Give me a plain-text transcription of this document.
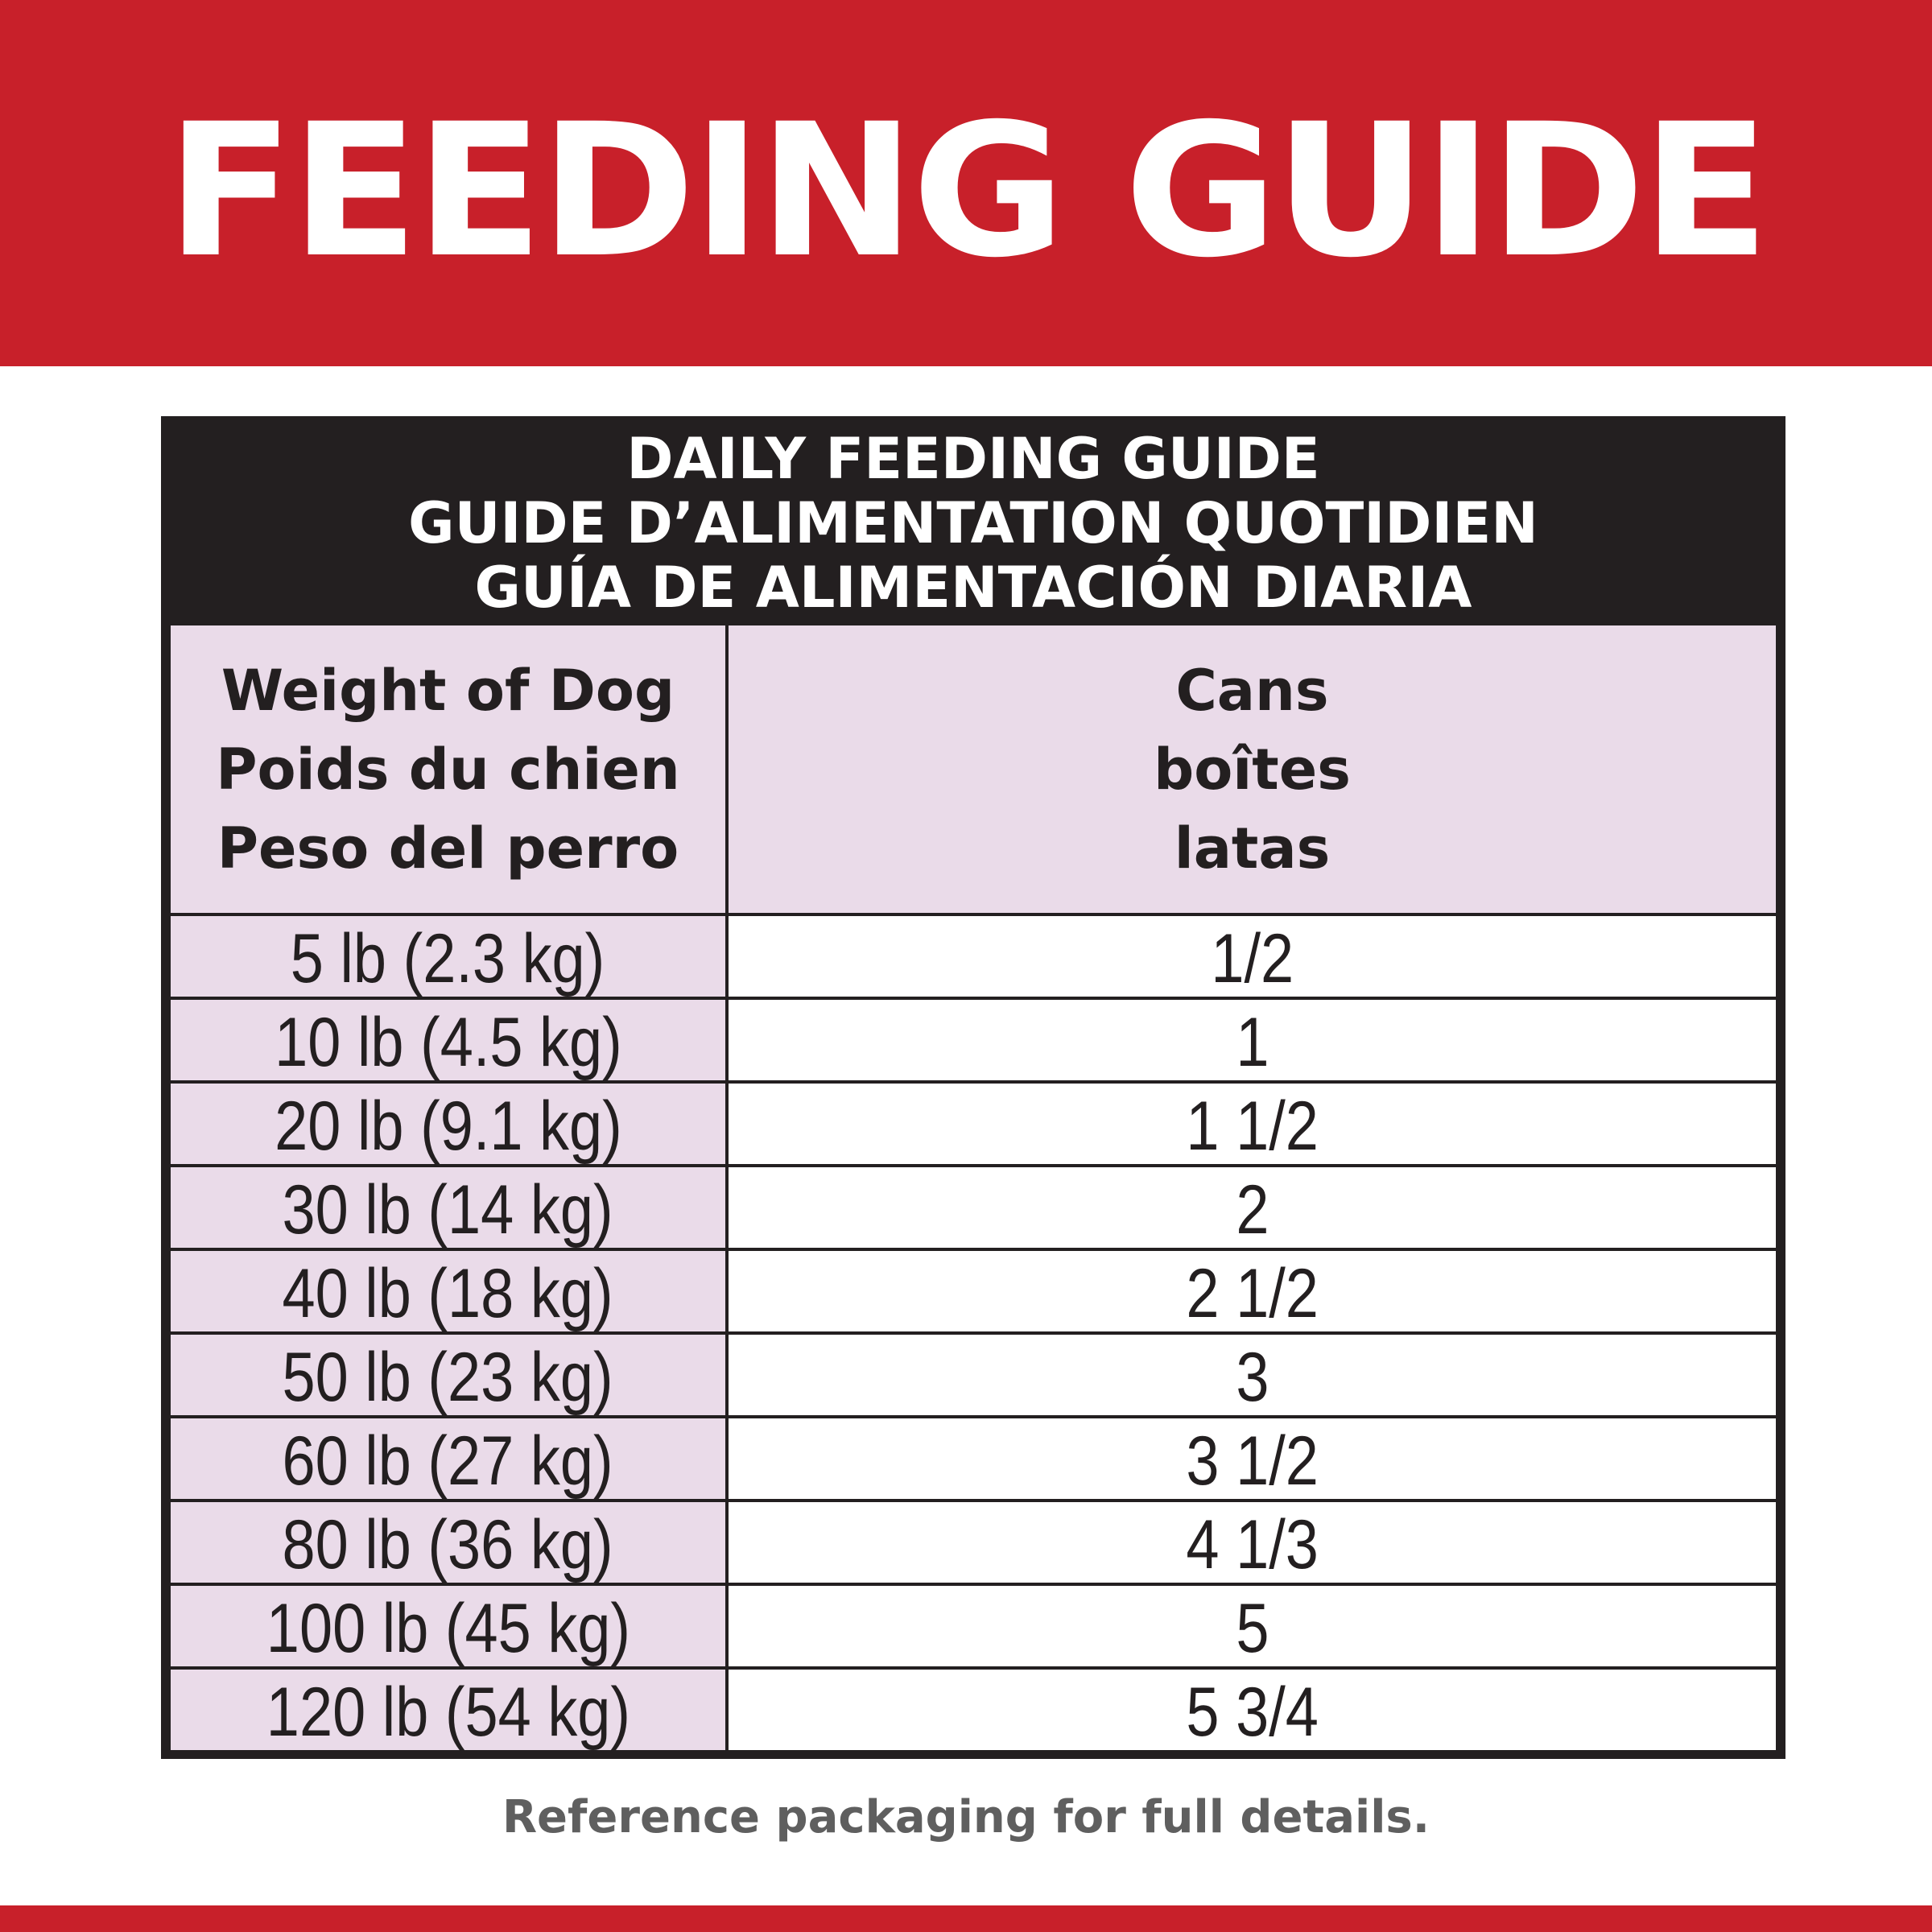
FEEDING GUIDE
DAILY FEEDING GUIDE
GUIDE D’ALIMENTATION QUOTIDIEN
GUÍA DE ALIMENTACIÓN DIARIA
Weight of Dog
Poids du chien
Peso del perro
Cans
boîtes
latas
5 lb (2.3 kg)	1/2
10 lb (4.5 kg)	1
20 lb (9.1 kg)	1 1/2
30 lb (14 kg)	2
40 lb (18 kg)	2 1/2
50 lb (23 kg)	3
60 lb (27 kg)	3 1/2
80 lb (36 kg)	4 1/3
100 lb (45 kg)	5
120 lb (54 kg)	5 3/4
Reference packaging for full details.
